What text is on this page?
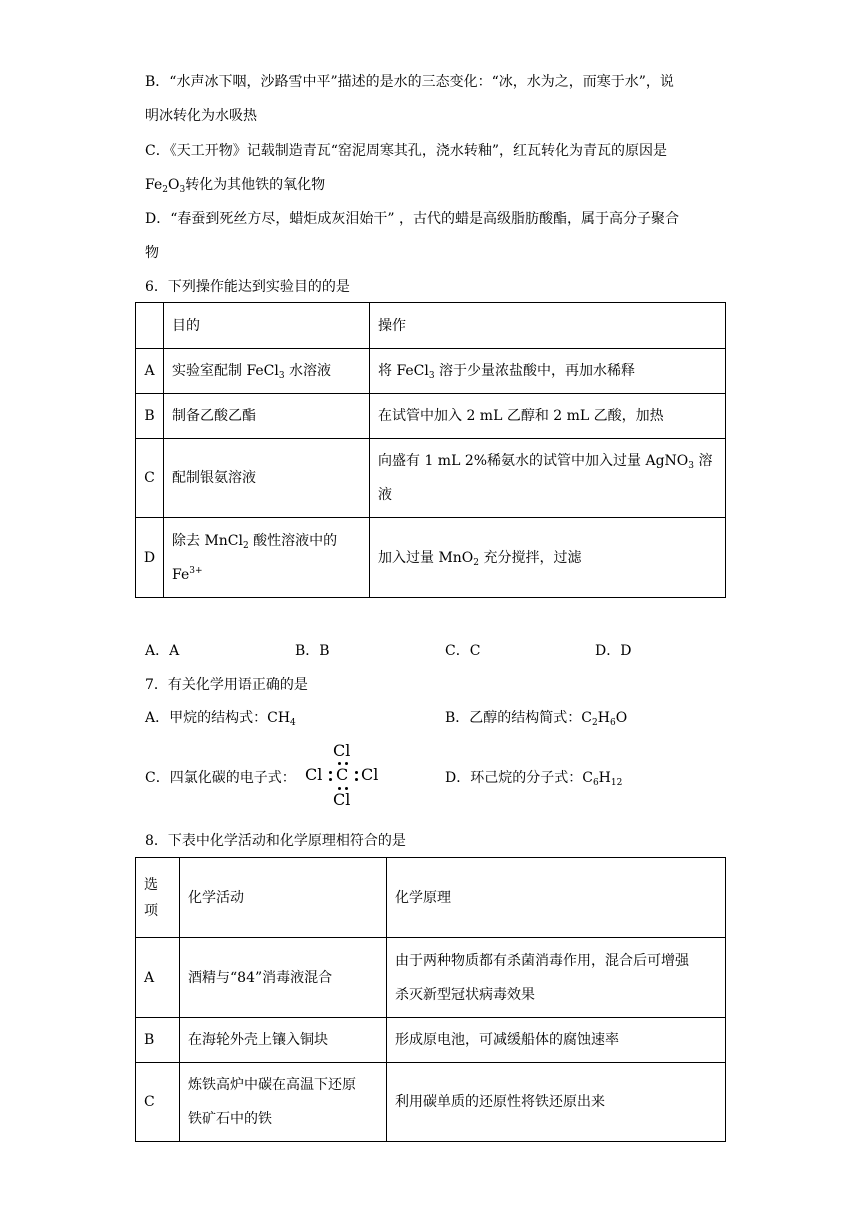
B．“水声冰下咽，沙路雪中平”描述的是水的三态变化：“冰，水为之，而寒于水”，说
明冰转化为水吸热
C．《天工开物》记载制造青瓦“窑泥周寒其孔，浇水转釉”，红瓦转化为青瓦的原因是
$Fe_2O_3$转化为其他铁的氧化物
D．“春蚕到死丝方尽，蜡炬成灰泪始干” ，古代的蜡是高级脂肪酸酯，属于高分子聚合
物
6．下列操作能达到实验目的的是
	目的	操作
A	实验室配制 FeCl$_3$ 水溶液	将 FeCl$_3$ 溶于少量浓盐酸中，再加水稀释
B	制备乙酸乙酯	在试管中加入 2 mL 乙醇和 2 mL 乙酸，加热
C	配制银氨溶液	向盛有 1 mL 2%稀氨水的试管中加入过量 AgNO$_3$ 溶
液
D	除去 MnCl$_2$ 酸性溶液中的
$Fe^{3+}$	加入过量 MnO$_2$ 充分搅拌，过滤
A．A	B．B	C．C	D．D
7．有关化学用语正确的是
A．甲烷的结构式：$CH_4$	B．乙醇的结构简式：$C_2H_6O$
C．四氯化碳的电子式：
Cl
Cl C Cl
Cl
D．环己烷的分子式：$C_6H_{12}$
8．下表中化学活动和化学原理相符合的是
选
项	化学活动	化学原理
A	酒精与“84”消毒液混合	由于两种物质都有杀菌消毒作用，混合后可增强
杀灭新型冠状病毒效果
B	在海轮外壳上镶入铜块	形成原电池，可减缓船体的腐蚀速率
C	炼铁高炉中碳在高温下还原
铁矿石中的铁	利用碳单质的还原性将铁还原出来
